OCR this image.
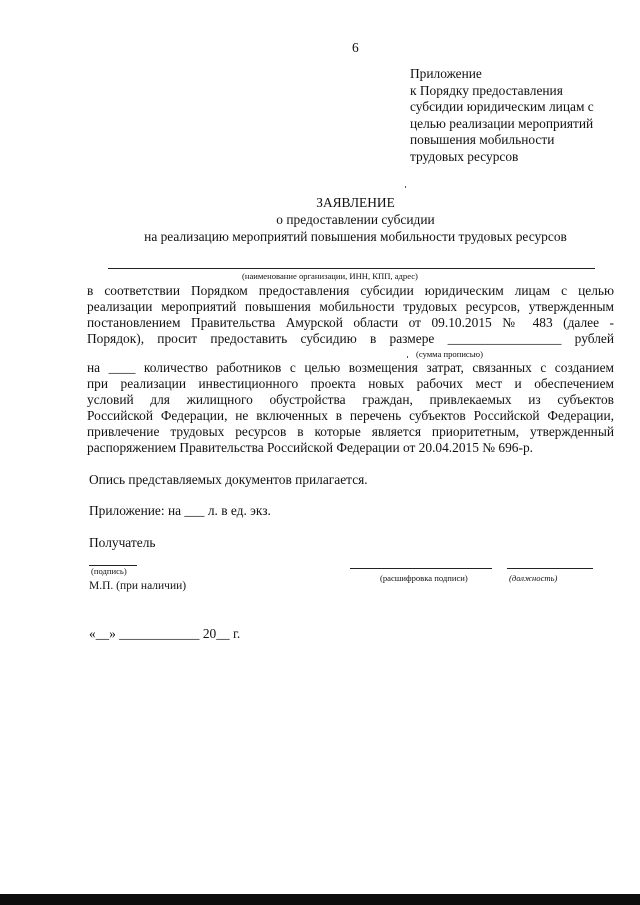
6
Приложение
к Порядку предоставления
субсидии юридическим лицам с
целью реализации мероприятий
повышения мобильности
трудовых ресурсов
ЗАЯВЛЕНИЕ
о предоставлении субсидии
на реализацию мероприятий повышения мобильности трудовых ресурсов
(наименование организации, ИНН, КПП, адрес)
в соответствии Порядком предоставления субсидии юридическим лицам с целью
реализации мероприятий повышения мобильности трудовых ресурсов, утвержденным
постановлением Правительства Амурской области от 09.10.2015 № 483 (далее -
Порядок), просит предоставить субсидию в размере _________________ рублей
(сумма прописью)
на ____ количество работников с целью возмещения затрат, связанных с созданием
при реализации инвестиционного проекта новых рабочих мест и обеспечением
условий для жилищного обустройства граждан, привлекаемых из субъектов
Российской Федерации, не включенных в перечень субъектов Российской Федерации,
привлечение трудовых ресурсов в которые является приоритетным, утвержденный
распоряжением Правительства Российской Федерации от 20.04.2015 № 696-р.
Опись представляемых документов прилагается.
Приложение: на ___ л. в ед. экз.
Получатель
(подпись)
М.П. (при наличии)
(расшифровка подписи)	(должность)
«__» ____________ 20__ г.
